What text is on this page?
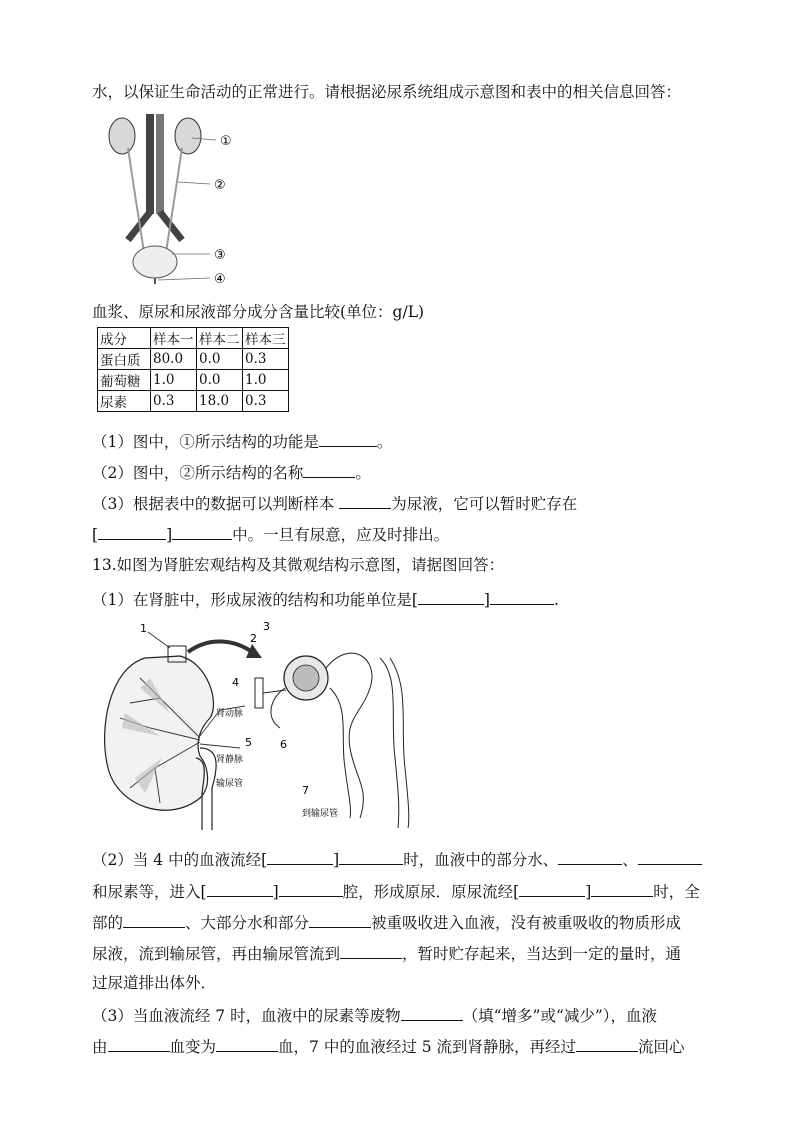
水，以保证生命活动的正常进行。请根据泌尿系统组成示意图和表中的相关信息回答：
①
②
③
④
血浆、原尿和尿液部分成分含量比较(单位：g/L)
成分	样本一	样本二	样本三
蛋白质	80.0	0.0	0.3
葡萄糖	1.0	0.0	1.0
尿素	0.3	18.0	0.3
（1）图中，①所示结构的功能是	。
（2）图中，②所示结构的名称	。
（3）根据表中的数据可以判断样本	为尿液，它可以暂时贮存在
[	]	中。一旦有尿意，应及时排出。
13.如图为肾脏宏观结构及其微观结构示意图，请据图回答：
（1）在肾脏中，形成尿液的结构和功能单位是[	]	.
1
2
3
4
5	6
7
肾动脉
肾静脉
输尿管
到输尿管
（2）当 4 中的血液流经[	]	时，血液中的部分水、	、
和尿素等，进入[	]	腔，形成原尿．原尿流经[	]	时，全
部的	、大部分水和部分	被重吸收进入血液，没有被重吸收的物质形成
尿液，流到输尿管，再由输尿管流到	，暂时贮存起来，当达到一定的量时，通
过尿道排出体外．
（3）当血液流经 7 时，血液中的尿素等废物	（填“增多”或“减少”），血液
由	血变为	血，7 中的血液经过 5 流到肾静脉，再经过	流回心
